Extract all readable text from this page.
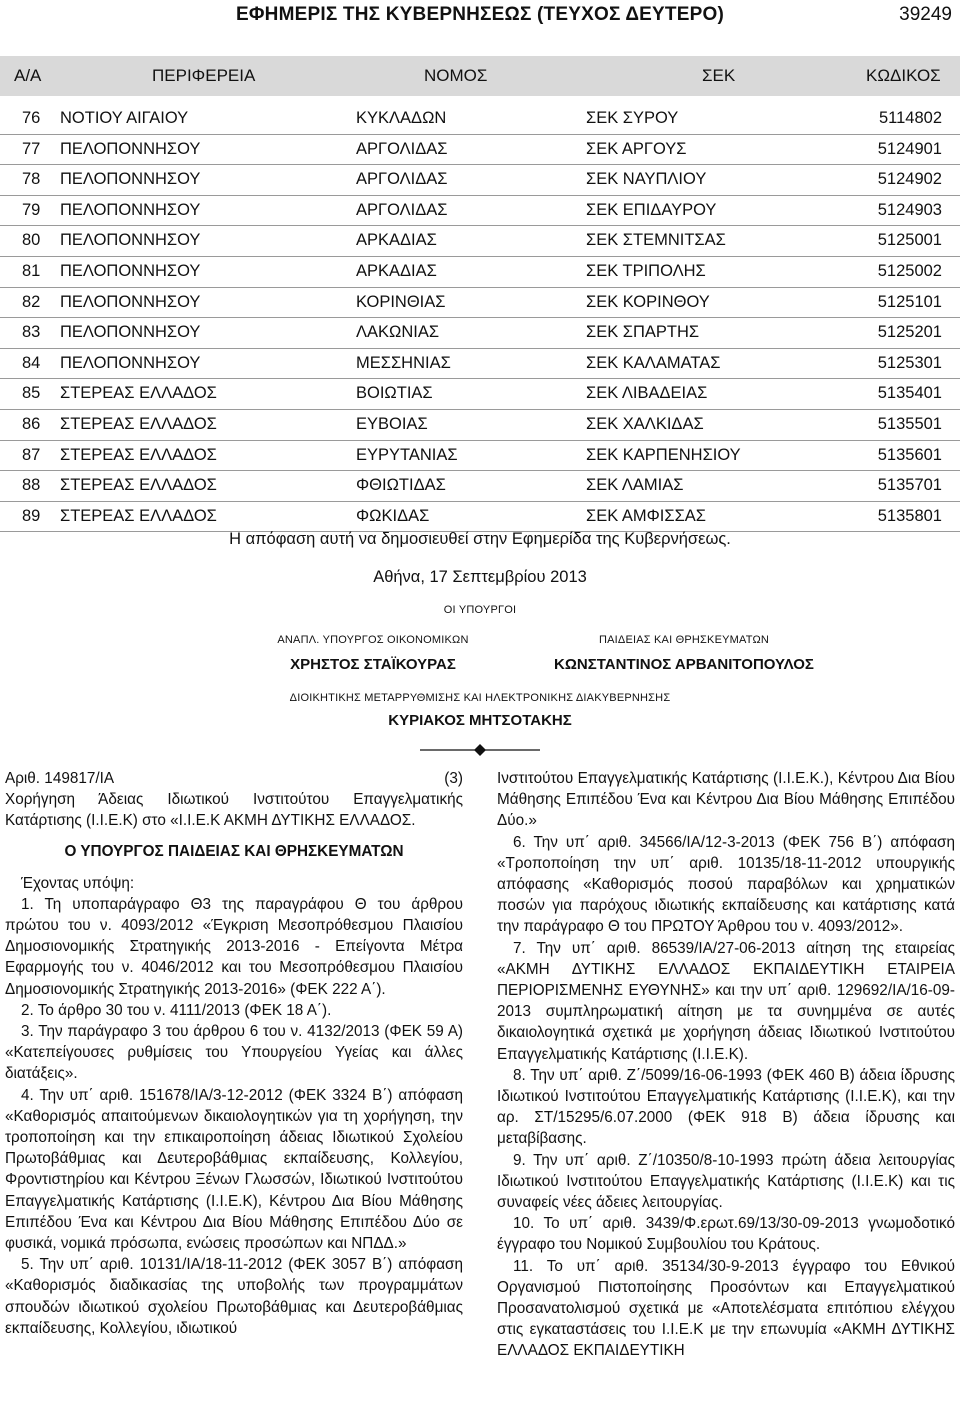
ΕΦΗΜΕΡΙΣ ΤΗΣ ΚΥΒΕΡΝΗΣΕΩΣ (ΤΕΥΧΟΣ ΔΕΥΤΕΡΟ)	39249
Α/Α	ΠΕΡΙΦΕΡΕΙΑ	ΝΟΜΟΣ	ΣΕΚ	ΚΩΔΙΚΟΣ
76 ΝΟΤΙΟΥ ΑΙΓΑΙΟΥ	ΚΥΚΛΑΔΩΝ	ΣΕΚ ΣΥΡΟΥ	5114802
77 ΠΕΛΟΠΟΝΝΗΣΟΥ	ΑΡΓΟΛΙΔΑΣ	ΣΕΚ ΑΡΓΟΥΣ	5124901
78 ΠΕΛΟΠΟΝΝΗΣΟΥ	ΑΡΓΟΛΙΔΑΣ	ΣΕΚ ΝΑΥΠΛΙΟΥ	5124902
79 ΠΕΛΟΠΟΝΝΗΣΟΥ	ΑΡΓΟΛΙΔΑΣ	ΣΕΚ ΕΠΙΔΑΥΡΟΥ	5124903
80 ΠΕΛΟΠΟΝΝΗΣΟΥ	ΑΡΚΑΔΙΑΣ	ΣΕΚ ΣΤΕΜΝΙΤΣΑΣ	5125001
81 ΠΕΛΟΠΟΝΝΗΣΟΥ	ΑΡΚΑΔΙΑΣ	ΣΕΚ ΤΡΙΠΟΛΗΣ	5125002
82 ΠΕΛΟΠΟΝΝΗΣΟΥ	ΚΟΡΙΝΘΙΑΣ	ΣΕΚ ΚΟΡΙΝΘΟΥ	5125101
83 ΠΕΛΟΠΟΝΝΗΣΟΥ	ΛΑΚΩΝΙΑΣ	ΣΕΚ ΣΠΑΡΤΗΣ	5125201
84 ΠΕΛΟΠΟΝΝΗΣΟΥ	ΜΕΣΣΗΝΙΑΣ	ΣΕΚ ΚΑΛΑΜΑΤΑΣ	5125301
85 ΣΤΕΡΕΑΣ ΕΛΛΑΔΟΣ	ΒΟΙΩΤΙΑΣ	ΣΕΚ ΛΙΒΑΔΕΙΑΣ	5135401
86 ΣΤΕΡΕΑΣ ΕΛΛΑΔΟΣ	ΕΥΒΟΙΑΣ	ΣΕΚ ΧΑΛΚΙΔΑΣ	5135501
87 ΣΤΕΡΕΑΣ ΕΛΛΑΔΟΣ	ΕΥΡΥΤΑΝΙΑΣ	ΣΕΚ ΚΑΡΠΕΝΗΣΙΟΥ	5135601
88 ΣΤΕΡΕΑΣ ΕΛΛΑΔΟΣ	ΦΘΙΩΤΙΔΑΣ	ΣΕΚ ΛΑΜΙΑΣ	5135701
89 ΣΤΕΡΕΑΣ ΕΛΛΑΔΟΣ	ΦΩΚΙΔΑΣ	ΣΕΚ ΑΜΦΙΣΣΑΣ	5135801
Η απόφαση αυτή να δημοσιευθεί στην Εφημερίδα της Κυβερνήσεως.
Αθήνα, 17 Σεπτεμβρίου 2013
ΟΙ ΥΠΟΥΡΓΟΙ
ΑΝΑΠΛ. ΥΠΟΥΡΓΟΣ ΟΙΚΟΝΟΜΙΚΩΝ
ΧΡΗΣΤΟΣ ΣΤΑΪΚΟΥΡΑΣ
ΠΑΙΔΕΙΑΣ ΚΑΙ ΘΡΗΣΚΕΥΜΑΤΩΝ
ΚΩΝΣΤΑΝΤΙΝΟΣ ΑΡΒΑΝΙΤΟΠΟΥΛΟΣ
ΔΙΟΙΚΗΤΙΚΗΣ ΜΕΤΑΡΡΥΘΜΙΣΗΣ ΚΑΙ ΗΛΕΚΤΡΟΝΙΚΗΣ ΔΙΑΚΥΒΕΡΝΗΣΗΣ
ΚΥΡΙΑΚΟΣ ΜΗΤΣΟΤΑΚΗΣ
Αριθ. 149817/ΙΑ	(3)

Χορήγηση Άδειας Ιδιωτικού Ινστιτούτου Επαγγελματικής Κατάρτισης (Ι.Ι.Ε.Κ) στο «Ι.Ι.Ε.Κ ΑΚΜΗ ΔΥΤΙΚΗΣ ΕΛΛΑΔΟΣ.

Ο ΥΠΟΥΡΓΟΣ ΠΑΙΔΕΙΑΣ ΚΑΙ ΘΡΗΣΚΕΥΜΑΤΩΝ

Έχοντας υπόψη:

1. Τη υποπαράγραφο Θ3 της παραγράφου Θ του άρθρου πρώτου του ν. 4093/2012 «Έγκριση Μεσοπρόθεσμου Πλαισίου Δημοσιονομικής Στρατηγικής 2013-2016 - Επείγοντα Μέτρα Εφαρμογής του ν. 4046/2012 και του Μεσοπρόθεσμου Πλαισίου Δημοσιονομικής Στρατηγικής 2013-2016» (ΦΕΚ 222 Α΄).

2. Το άρθρο 30 του ν. 4111/2013 (ΦΕΚ 18 Α΄).

3. Την παράγραφο 3 του άρθρου 6 του ν. 4132/2013 (ΦΕΚ 59 Α) «Κατεπείγουσες ρυθμίσεις του Υπουργείου Υγείας και άλλες διατάξεις».

4. Την υπ΄ αριθ. 151678/ΙΑ/3-12-2012 (ΦΕΚ 3324 Β΄) απόφαση «Καθορισμός απαιτούμενων δικαιολογητικών για τη χορήγηση, την τροποποίηση και την επικαιροποίηση άδειας Ιδιωτικού Σχολείου Πρωτοβάθμιας και Δευτεροβάθμιας εκπαίδευσης, Κολλεγίου, Φροντιστηρίου και Κέντρου Ξένων Γλωσσών, Ιδιωτικού Ινστιτούτου Επαγγελματικής Κατάρτισης (Ι.Ι.Ε.Κ), Κέντρου Δια Βίου Μάθησης Επιπέδου Ένα και Κέντρου Δια Βίου Μάθησης Επιπέδου Δύο σε φυσικά, νομικά πρόσωπα, ενώσεις προσώπων και ΝΠΔΔ.»

5. Την υπ΄ αριθ. 10131/ΙΑ/18-11-2012 (ΦΕΚ 3057 Β΄) απόφαση «Καθορισμός διαδικασίας της υποβολής των προγραμμάτων σπουδών ιδιωτικού σχολείου Πρωτοβάθμιας και Δευτεροβάθμιας εκπαίδευσης, Κολλεγίου, ιδιωτικού

Ινστιτούτου Επαγγελματικής Κατάρτισης (Ι.Ι.Ε.Κ.), Κέντρου Δια Βίου Μάθησης Επιπέδου Ένα και Κέντρου Δια Βίου Μάθησης Επιπέδου Δύο.»

6. Την υπ΄ αριθ. 34566/ΙΑ/12-3-2013 (ΦΕΚ 756 Β΄) απόφαση «Τροποποίηση την υπ΄ αριθ. 10135/18-11-2012 υπουργικής απόφασης «Καθορισμός ποσού παραβόλων και χρηματικών ποσών για παρόχους ιδιωτικής εκπαίδευσης και κατάρτισης κατά την παράγραφο Θ του ΠΡΩΤΟΥ Άρθρου του ν. 4093/2012».

7. Την υπ΄ αριθ. 86539/ΙΑ/27-06-2013 αίτηση της εταιρείας «ΑΚΜΗ ΔΥΤΙΚΗΣ ΕΛΛΑΔΟΣ ΕΚΠΑΙΔΕΥΤΙΚΗ ΕΤΑΙΡΕΙΑ ΠΕΡΙΟΡΙΣΜΕΝΗΣ ΕΥΘΥΝΗΣ» και την υπ΄ αριθ. 129692/ΙΑ/16-09-2013 συμπληρωματική αίτηση με τα συνημμένα σε αυτές δικαιολογητικά σχετικά με χορήγηση άδειας Ιδιωτικού Ινστιτούτου Επαγγελματικής Κατάρτισης (Ι.Ι.Ε.Κ).

8. Την υπ΄ αριθ. Ζ΄/5099/16-06-1993 (ΦΕΚ 460 Β) άδεια ίδρυσης Ιδιωτικού Ινστιτούτου Επαγγελματικής Κατάρτισης (Ι.Ι.Ε.Κ), και την αρ. ΣΤ/15295/6.07.2000 (ΦΕΚ 918 Β) άδεια ίδρυσης και μεταβίβασης.

9. Την υπ΄ αριθ. Ζ΄/10350/8-10-1993 πρώτη άδεια λειτουργίας Ιδιωτικού Ινστιτούτου Επαγγελματικής Κατάρτισης (Ι.Ι.Ε.Κ) και τις συναφείς νέες άδειες λειτουργίας.

10. Το υπ΄ αριθ. 3439/Φ.ερωτ.69/13/30-09-2013 γνωμοδοτικό έγγραφο του Νομικού Συμβουλίου του Κράτους.

11. Το υπ΄ αριθ. 35134/30-9-2013 έγγραφο του Εθνικού Οργανισμού Πιστοποίησης Προσόντων και Επαγγελματικού Προσανατολισμού σχετικά με «Αποτελέσματα επιτόπιου ελέγχου στις εγκαταστάσεις του Ι.Ι.Ε.Κ με την επωνυμία «ΑΚΜΗ ΔΥΤΙΚΗΣ ΕΛΛΑΔΟΣ ΕΚΠΑΙΔΕΥΤΙΚΗ
